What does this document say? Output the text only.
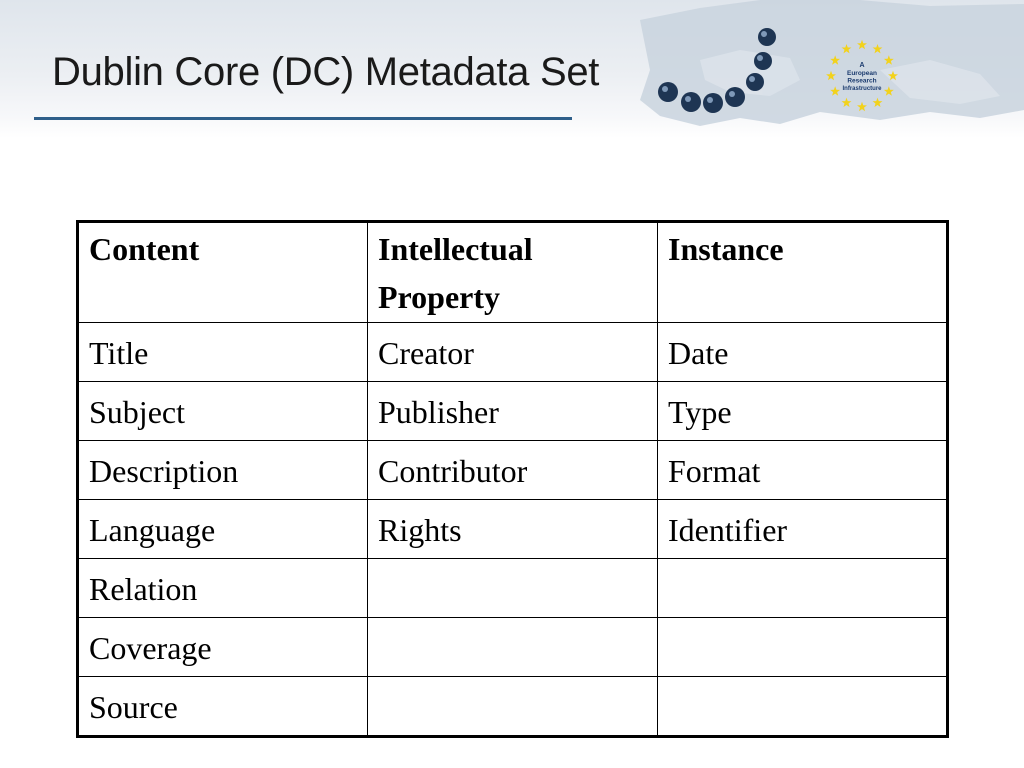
Dublin Core (DC) Metadata Set	A
European
Research
Infrastructure
Content	Intellectual Property	Instance
Title	Creator	Date
Subject	Publisher	Type
Description	Contributor	Format
Language	Rights	Identifier
Relation		
Coverage		
Source		
